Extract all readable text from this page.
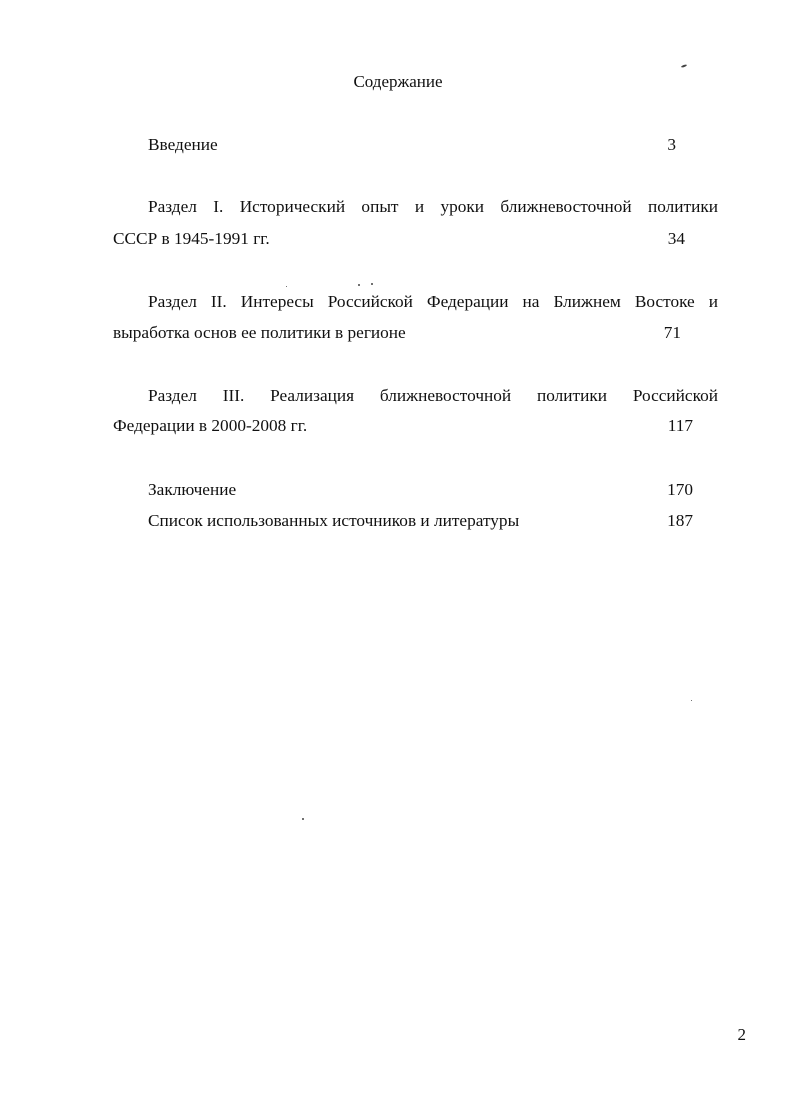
Содержание
Введение	3
Раздел I. Исторический опыт и уроки ближневосточной политики
СССР в 1945-1991 гг.	34
Раздел II. Интересы Российской Федерации на Ближнем Востоке и
выработка основ ее политики в регионе	71
Раздел III. Реализация ближневосточной политики Российской
Федерации в 2000-2008 гг.	117
Заключение	170
Список использованных источников и литературы	187
2
